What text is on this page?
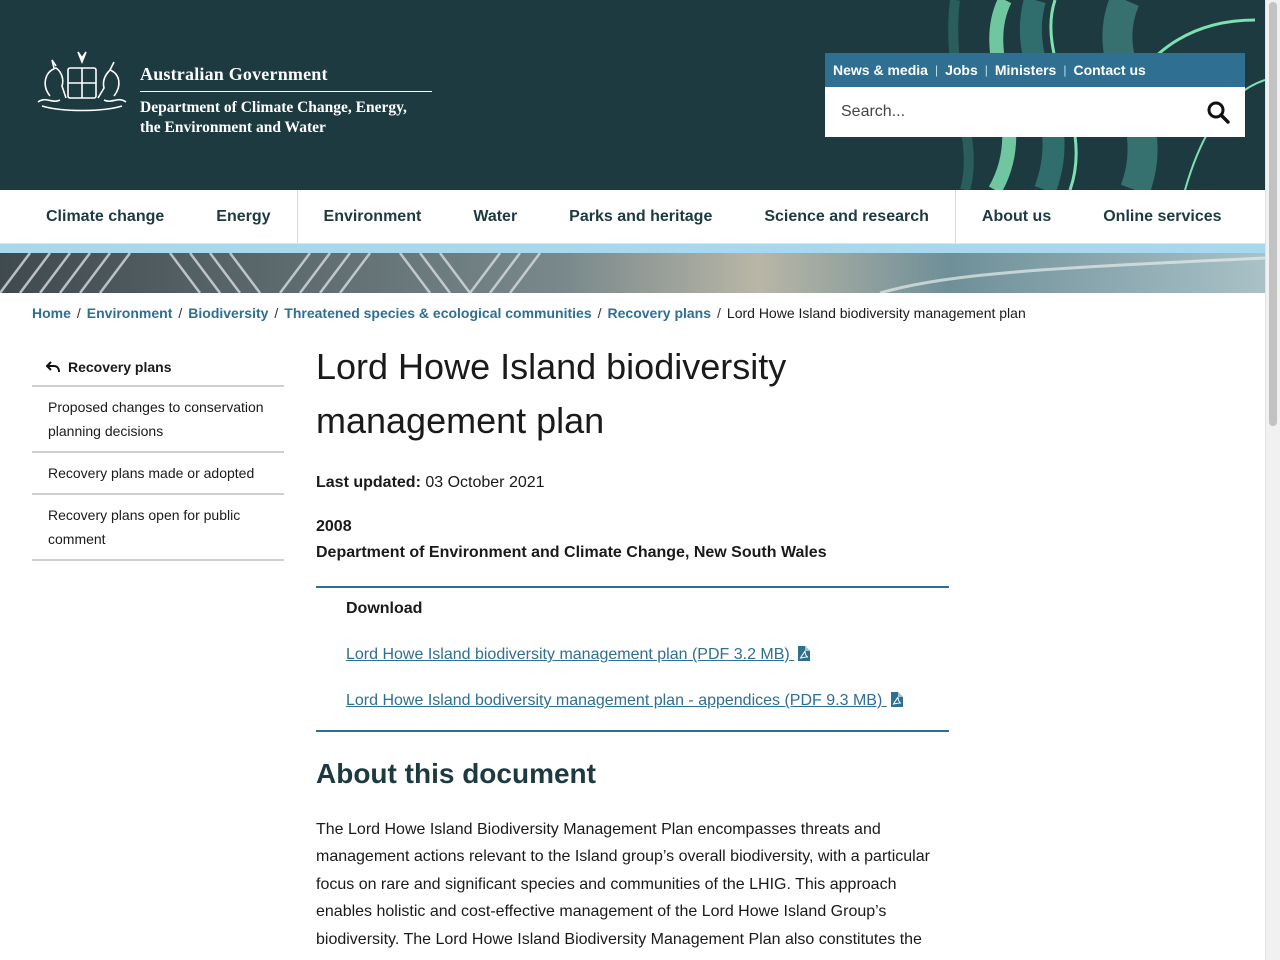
Australian Government
Department of Climate Change, Energy,
the Environment and Water
News & media | Jobs | Ministers | Contact us
Search...
Climate change	Energy	Environment	Water	Parks and heritage	Science and research	About us	Online services
Home / Environment / Biodiversity / Threatened species & ecological communities / Recovery plans / Lord Howe Island biodiversity management plan
Recovery plans
Proposed changes to conservation planning decisions
Recovery plans made or adopted
Recovery plans open for public comment
Lord Howe Island biodiversity management plan

Last updated: 03 October 2021

2008

Department of Environment and Climate Change, New South Wales

Download

Lord Howe Island biodiversity management plan (PDF 3.2 MB)
Lord Howe Island bodiversity management plan - appendices (PDF 9.3 MB)
About this document

The Lord Howe Island Biodiversity Management Plan encompasses threats and management actions relevant to the Island group’s overall biodiversity, with a particular focus on rare and significant species and communities of the LHIG. This approach enables holistic and cost-effective management of the Lord Howe Island Group’s biodiversity. The Lord Howe Island Biodiversity Management Plan also constitutes the
